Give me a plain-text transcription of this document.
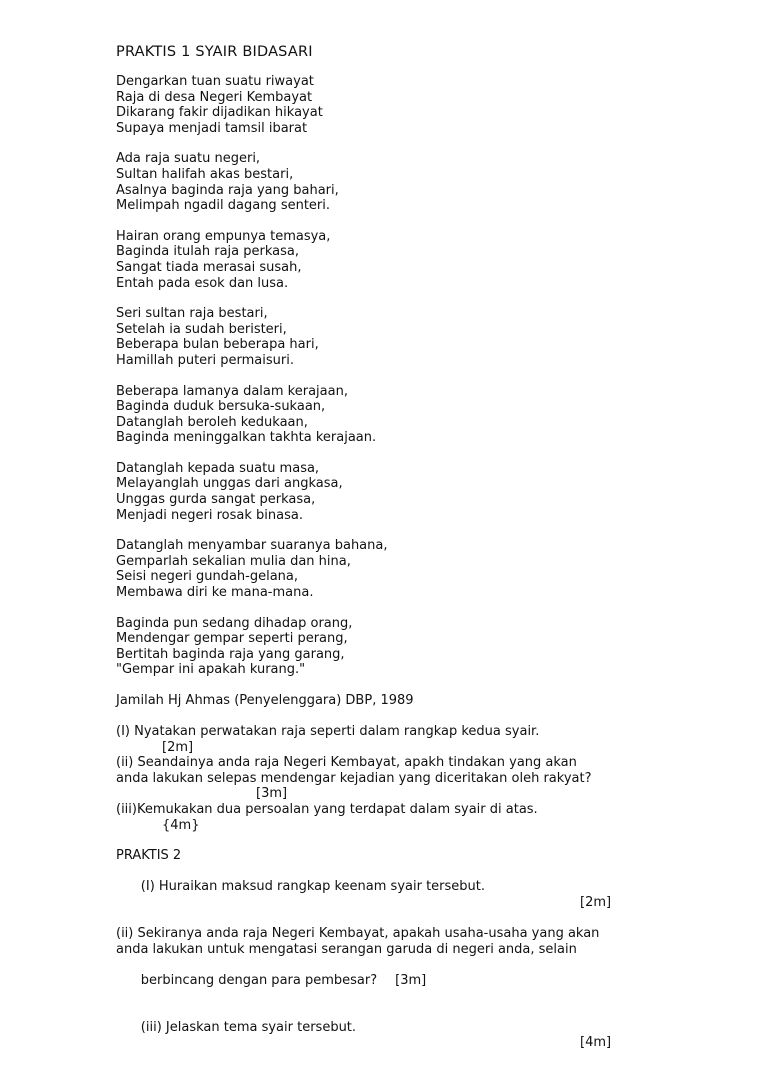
PRAKTIS 1 SYAIR BIDASARI
Dengarkan tuan suatu riwayat
Raja di desa Negeri Kembayat
Dikarang fakir dijadikan hikayat
Supaya menjadi tamsil ibarat
Ada raja suatu negeri,
Sultan halifah akas bestari,
Asalnya baginda raja yang bahari,
Melimpah ngadil dagang senteri.
Hairan orang empunya temasya,
Baginda itulah raja perkasa,
Sangat tiada merasai susah,
Entah pada esok dan lusa.
Seri sultan raja bestari,
Setelah ia sudah beristeri,
Beberapa bulan beberapa hari,
Hamillah puteri permaisuri.
Beberapa lamanya dalam kerajaan,
Baginda duduk bersuka-sukaan,
Datanglah beroleh kedukaan,
Baginda meninggalkan takhta kerajaan.
Datanglah kepada suatu masa,
Melayanglah unggas dari angkasa,
Unggas gurda sangat perkasa,
Menjadi negeri rosak binasa.
Datanglah menyambar suaranya bahana,
Gemparlah sekalian mulia dan hina,
Seisi negeri gundah-gelana,
Membawa diri ke mana-mana.
Baginda pun sedang dihadap orang,
Mendengar gempar seperti perang,
Bertitah baginda raja yang garang,
"Gempar ini apakah kurang."
Jamilah Hj Ahmas (Penyelenggara) DBP, 1989
(I) Nyatakan perwatakan raja seperti dalam rangkap kedua syair.
[2m]
(ii) Seandainya anda raja Negeri Kembayat, apakh tindakan yang akan
anda lakukan selepas mendengar kejadian yang diceritakan oleh rakyat?
[3m]
(iii)Kemukakan dua persoalan yang terdapat dalam syair di atas.
{4m}
PRAKTIS 2

(I) Huraikan maksud rangkap keenam syair tersebut.

[2m]

(ii) Sekiranya anda raja Negeri Kembayat, apakah usaha-usaha yang akan
anda lakukan untuk mengatasi serangan garuda di negeri anda, selain

berbincang dengan para pembesar? [3m]

(iii) Jelaskan tema syair tersebut.

[4m]
